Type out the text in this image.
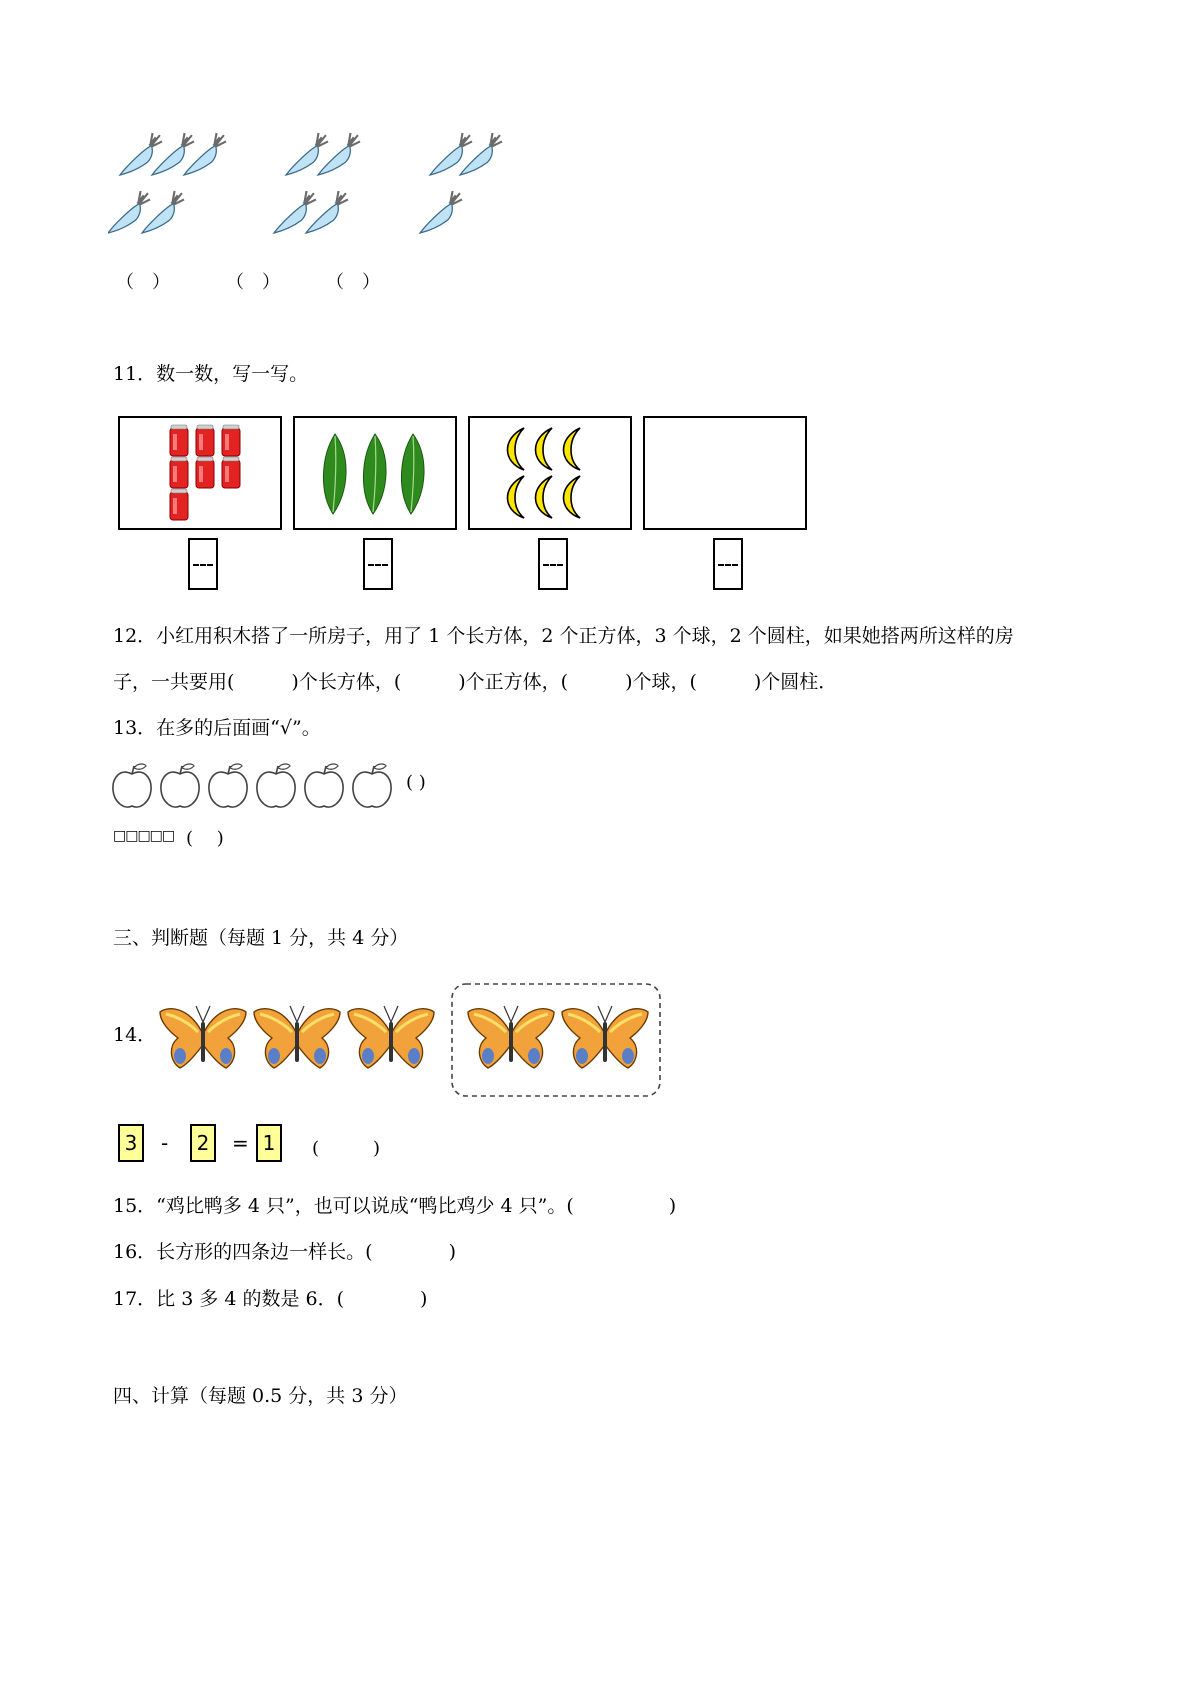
（　）	（　）	（　）
11．数一数，写一写。
12．小红用积木搭了一所房子，用了 1 个长方体，2 个正方体，3 个球，2 个圆柱，如果她搭两所这样的房
子，一共要用(　　　)个长方体，(　　　)个正方体，(　　　)个球，(　　　)个圆柱．
13．在多的后面画“√”。
( )
□□□□□ (　 )
三、判断题（每题 1 分，共 4 分）
14．
3	-	2	= 1	(　　　)
15．“鸡比鸭多 4 只”，也可以说成“鸭比鸡少 4 只”。(　　　　　)
16．长方形的四条边一样长。(　　　　)
17．比 3 多 4 的数是 6．(　　　　)
四、计算（每题 0.5 分，共 3 分）
